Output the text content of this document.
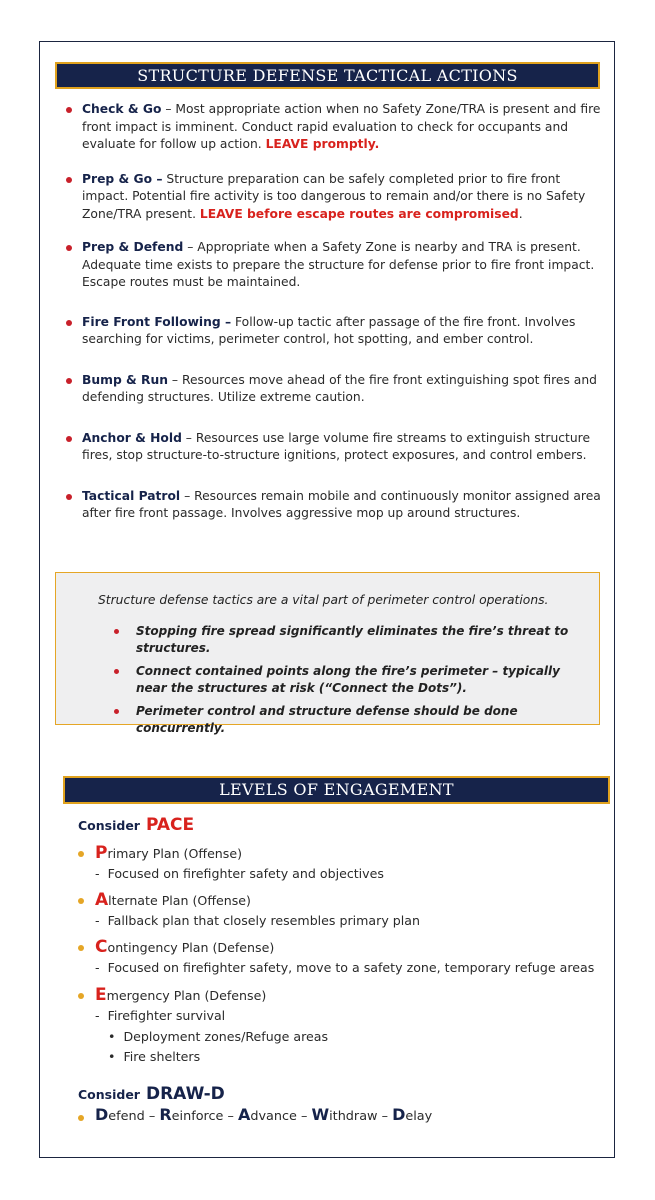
STRUCTURE DEFENSE TACTICAL ACTIONS
Check & Go – Most appropriate action when no Safety Zone/TRA is present and fire front impact is imminent. Conduct rapid evaluation to check for occupants and evaluate for follow up action. LEAVE promptly.
Prep & Go – Structure preparation can be safely completed prior to fire front impact. Potential fire activity is too dangerous to remain and/or there is no Safety Zone/TRA present. LEAVE before escape routes are compromised.
Prep & Defend – Appropriate when a Safety Zone is nearby and TRA is present. Adequate time exists to prepare the structure for defense prior to fire front impact. Escape routes must be maintained.
Fire Front Following – Follow-up tactic after passage of the fire front. Involves searching for victims, perimeter control, hot spotting, and ember control.
Bump & Run – Resources move ahead of the fire front extinguishing spot fires and defending structures. Utilize extreme caution.
Anchor & Hold – Resources use large volume fire streams to extinguish structure fires, stop structure-to-structure ignitions, protect exposures, and control embers.
Tactical Patrol – Resources remain mobile and continuously monitor assigned area after fire front passage. Involves aggressive mop up around structures.
Structure defense tactics are a vital part of perimeter control operations.
Stopping fire spread significantly eliminates the fire’s threat to structures.
Connect contained points along the fire’s perimeter – typically near the structures at risk (“Connect the Dots”).
Perimeter control and structure defense should be done concurrently.
LEVELS OF ENGAGEMENT
Consider PACE
Primary Plan (Offense)
-  Focused on firefighter safety and objectives
Alternate Plan (Offense)
-  Fallback plan that closely resembles primary plan
Contingency Plan (Defense)
-  Focused on firefighter safety, move to a safety zone, temporary refuge areas
Emergency Plan (Defense)
-  Firefighter survival
•  Deployment zones/Refuge areas
•  Fire shelters
Consider DRAW-D
Defend – Reinforce – Advance – Withdraw – Delay
